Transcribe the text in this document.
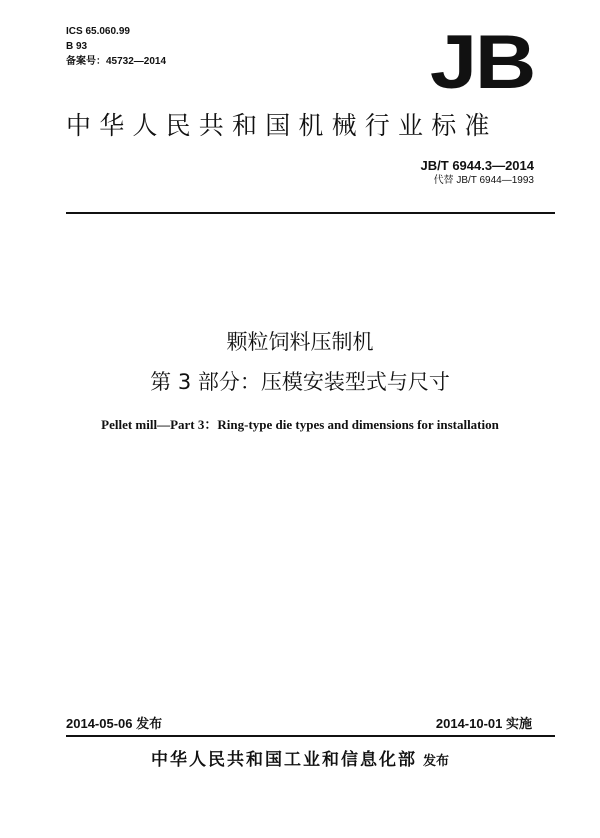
ICS 65.060.99
B 93
备案号：45732—2014	JB
中华人民共和国机械行业标准
JB/T 6944.3—2014
代替 JB/T 6944—1993
颗粒饲料压制机
第 3 部分：压模安装型式与尺寸
Pellet mill—Part 3：Ring-type die types and dimensions for installation
2014-05-06 发布	2014-10-01 实施
中华人民共和国工业和信息化部 发布
